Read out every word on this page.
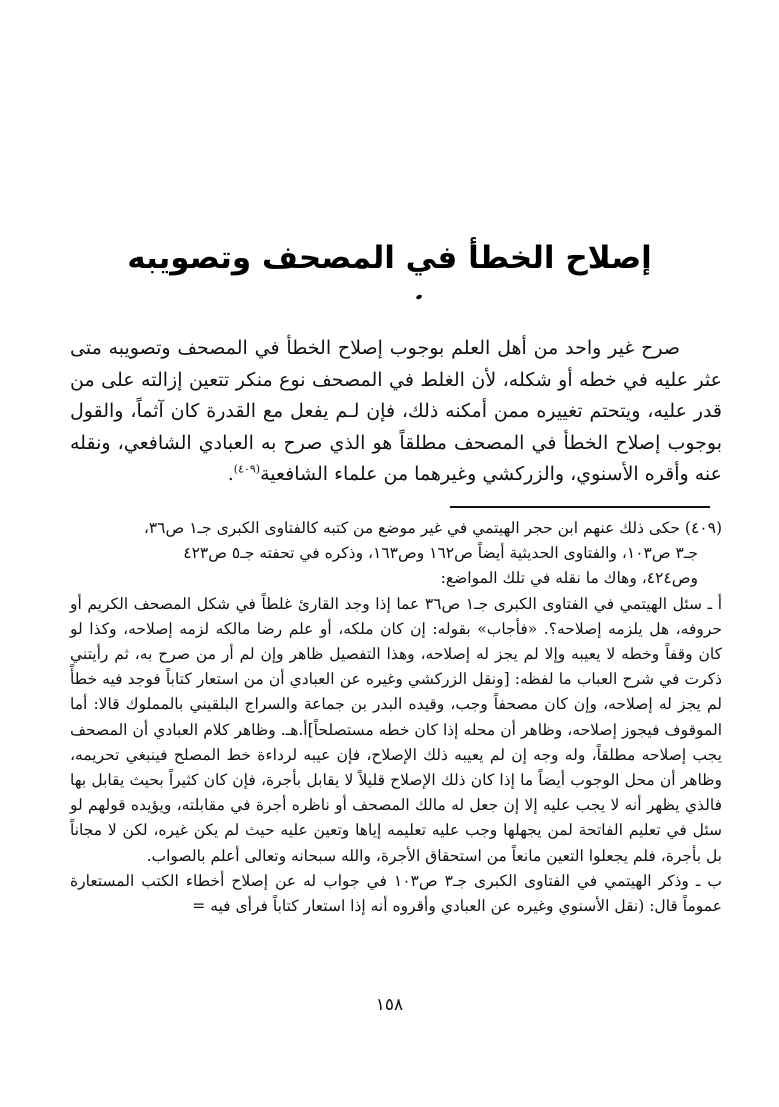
إصلاح الخطأ في المصحف وتصويبه
صرح غير واحد من أهل العلم بوجوب إصلاح الخطأ في المصحف وتصويبه متى عثر عليه في خطه أو شكله، لأن الغلط في المصحف نوع منكر تتعين إزالته على من قدر عليه، ويتحتم تغييره ممن أمكنه ذلك، فإن لـم يفعل مع القدرة كان آثماً، والقول بوجوب إصلاح الخطأ في المصحف مطلقاً هو الذي صرح به العبادي الشافعي، ونقله عنه وأقره الأسنوي، والزركشي وغيرهما من علماء الشافعية$^{(٤٠٩)}$.
(٤٠٩) حكى ذلك عنهم ابن حجر الهيتمي في غير موضع من كتبه كالفتاوى الكبرى جـ١ ص٣٦،
جـ٣ ص١٠٣، والفتاوى الحديثية أيضاً ص١٦٢ وص١٦٣، وذكره في تحفته جـ٥ ص٤٢٣
وص٤٢٤، وهاك ما نقله في تلك المواضع:
أ ـ سئل الهيتمي في الفتاوى الكبرى جـ١ ص٣٦ عما إذا وجد القارئ غلطاً في شكل المصحف الكريم أو حروفه، هل يلزمه إصلاحه؟. «فأجاب» بقوله: إن كان ملكه، أو علم رضا مالكه لزمه إصلاحه، وكذا لو كان وقفاً وخطه لا يعيبه وإلا لم يجز له إصلاحه، وهذا التفصيل ظاهر وإن لم أر من صرح به، ثم رأيتني ذكرت في شرح العباب ما لفظه: [ونقل الزركشي وغيره عن العبادي أن من استعار كتاباً فوجد فيه خطأً لم يجز له إصلاحه، وإن كان مصحفاً وجب، وقيده البدر بن جماعة والسراج البلقيني بالمملوك قالا: أما الموقوف فيجوز إصلاحه، وظاهر أن محله إذا كان خطه مستصلحاً]أ.هـ. وظاهر كلام العبادي أن المصحف يجب إصلاحه مطلقاً، وله وجه إن لم يعيبه ذلك الإصلاح، فإن عيبه لرداءة خط المصلح فينبغي تحريمه، وظاهر أن محل الوجوب أيضاً ما إذا كان ذلك الإصلاح قليلاً لا يقابل بأجرة، فإن كان كثيراً بحيث يقابل بها فالذي يظهر أنه لا يجب عليه إلا إن جعل له مالك المصحف أو ناظره أجرة في مقابلته، ويؤيده قولهم لو سئل في تعليم الفاتحة لمن يجهلها وجب عليه تعليمه إياها وتعين عليه حيث لم يكن غيره، لكن لا مجاناً بل بأجرة، فلم يجعلوا التعين مانعاً من استحقاق الأجرة، والله سبحانه وتعالى أعلم بالصواب.
ب ـ وذكر الهيتمي في الفتاوى الكبرى جـ٣ ص١٠٣ في جواب له عن إصلاح أخطاء الكتب المستعارة عموماً قال: (نقل الأسنوي وغيره عن العبادي وأقروه أنه إذا استعار كتاباً فرأى فيه =
١٥٨
